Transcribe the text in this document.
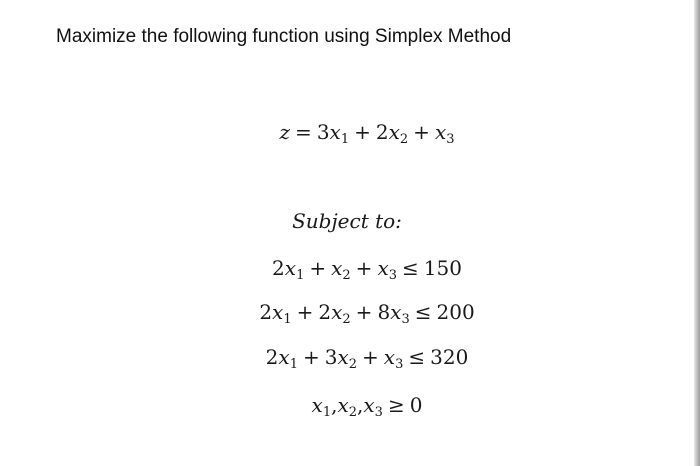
Maximize the following function using Simplex Method
$z = 3x_1 + 2x_2 + x_3$
Subject to:
$2x_1 + x_2 + x_3 \le 150$
$2x_1 + 2x_2 + 8x_3 \le 200$
$2x_1 + 3x_2 + x_3 \le 320$
$x_1,x_2,x_3 \ge 0$
